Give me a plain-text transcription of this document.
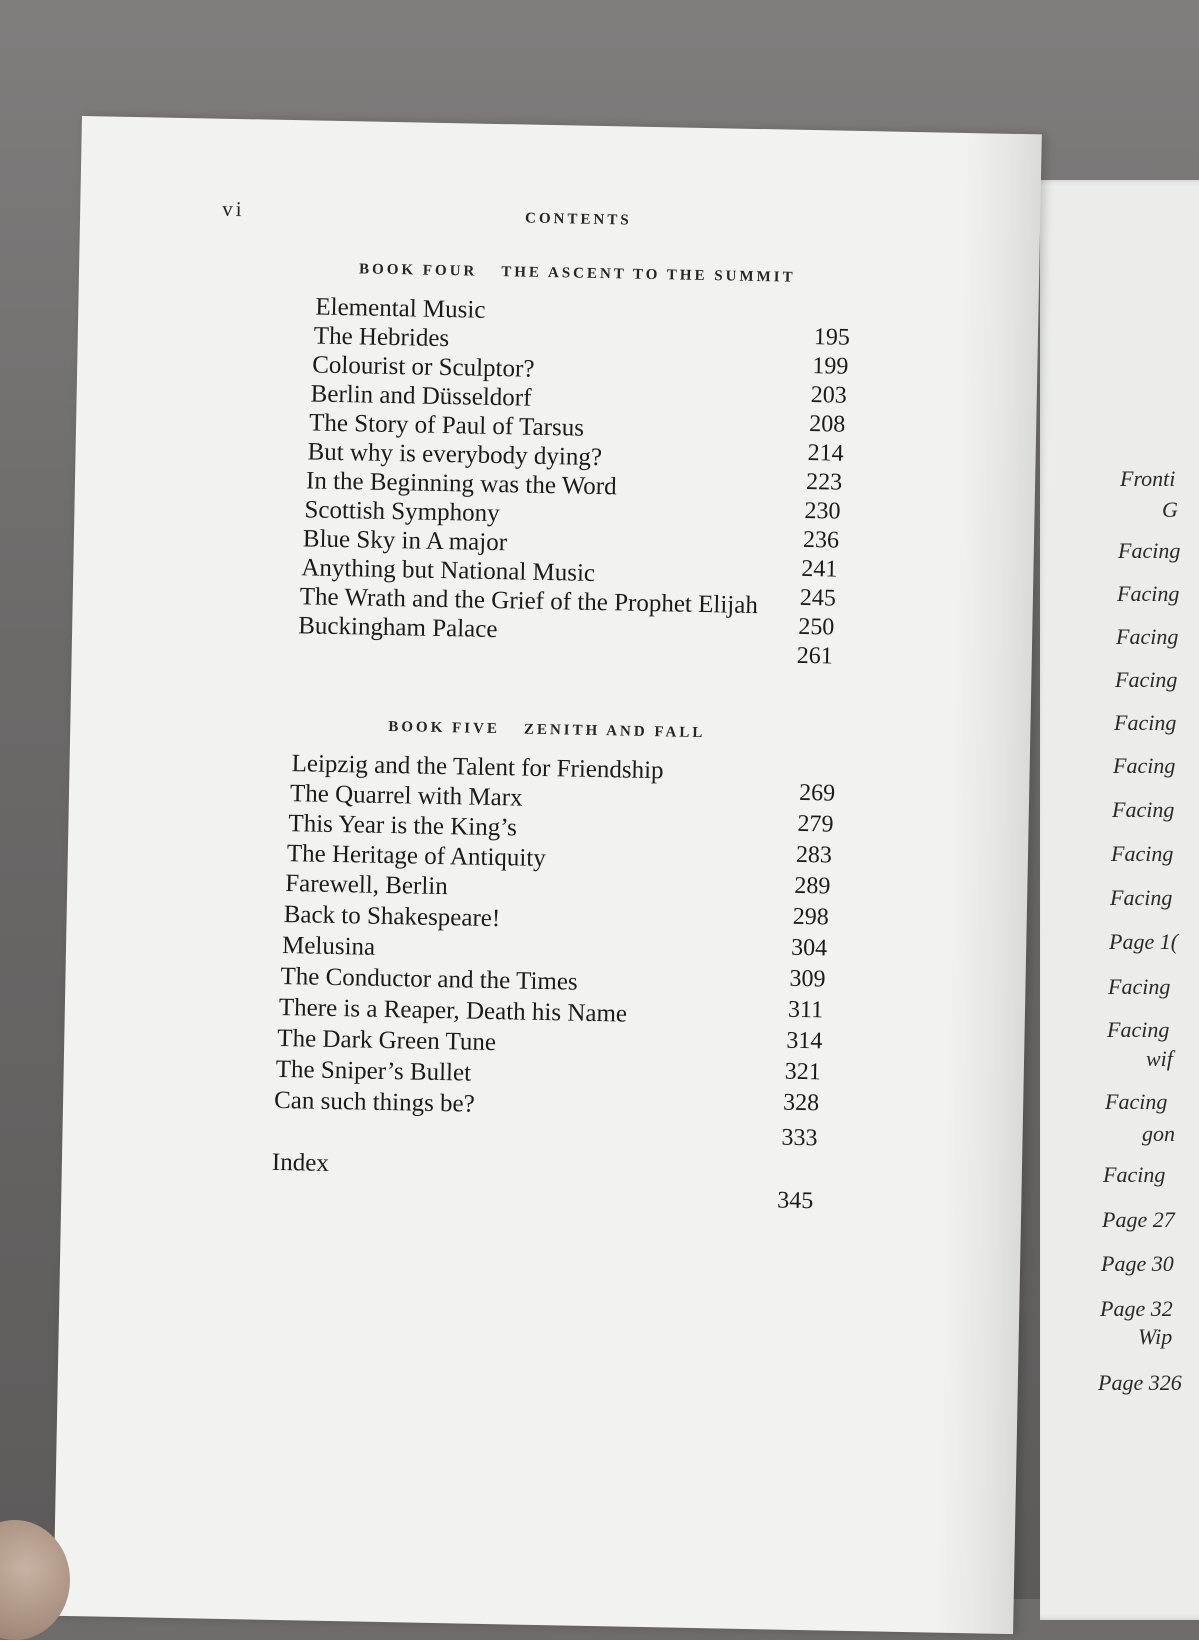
Fronti
G
Facing
Facing
Facing
Facing
Facing
Facing
Facing
Facing
Facing
Page 1(
Facing
Facing
wif
Facing
gon
Facing
Page 27
Page 30
Page 32
Wip
Page 326
vi	CONTENTS
BOOK FOUR THE ASCENT TO THE SUMMIT
Elemental Music
195
The Hebrides
199
Colourist or Sculptor?
203
Berlin and Düsseldorf
208
The Story of Paul of Tarsus
214
But why is everybody dying?
223
In the Beginning was the Word
230
Scottish Symphony
236
Blue Sky in A major
241
Anything but National Music
245
The Wrath and the Grief of the Prophet Elijah
250
Buckingham Palace
261
BOOK FIVE ZENITH AND FALL
Leipzig and the Talent for Friendship
269
The Quarrel with Marx
279
This Year is the King’s
283
The Heritage of Antiquity
289
Farewell, Berlin
298
Back to Shakespeare!
304
Melusina
309
The Conductor and the Times
311
There is a Reaper, Death his Name
314
The Dark Green Tune
321
The Sniper’s Bullet
328
Can such things be?
333
Index
345
